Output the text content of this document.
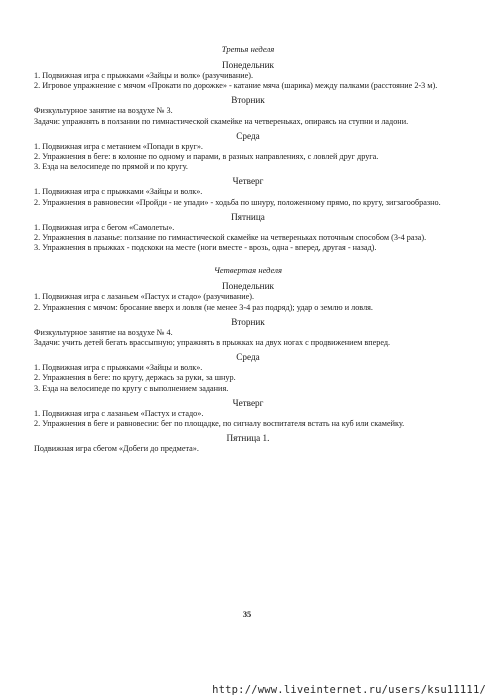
Третья неделя
Понедельник

1. Подвижная игра с прыжками «Зайцы и волк» (разучивание).

2. Игровое упражнение с мячом «Прокати по дорожке» - катание мяча (шарика) между палками (расстояние 2-3 м).

Вторник

Физкультурное занятие на воздухе № 3.

Задачи: упражнять в ползании по гимнастической скамейке на четвереньках, опираясь на ступни и ладони.

Среда

1. Подвижная игра с метанием «Попади в круг».

2. Упражнения в беге: в колонне по одному и парами, в разных направлениях, с ловлей друг друга.

3. Езда на велосипеде по прямой и по кругу.

Четверг

1. Подвижная игра с прыжками «Зайцы и волк».

2. Упражнения в равновесии «Пройди - не упади» - ходьба по шнуру, положенному прямо, по кругу, зигзагообразно.

Пятница

1. Подвижная игра с бегом «Самолеты».

2. Упражнения в лазанье: ползание по гимнастической скамейке на четвереньках поточным способом (3-4 раза).

3. Упражнения в прыжках - подскоки на месте (ноги вместе - врозь, одна - вперед, другая - назад).

Четвертая неделя
Понедельник

1. Подвижная игра с лазаньем «Пастух и стадо» (разучивание).

2. Упражнения с мячом: бросание вверх и ловля (не менее 3-4 раз подряд); удар о землю и ловля.

Вторник

Физкультурное занятие на воздухе № 4.

Задачи: учить детей бегать врассыпную; упражнять в прыжках на двух ногах с продвижением вперед.

Среда

1. Подвижная игра с прыжками «Зайцы и волк».

2. Упражнения в беге: по кругу, держась за руки, за шнур.

3. Езда на велосипеде по кругу с выполнением задания.

Четверг

1. Подвижная игра с лазаньем «Пастух и стадо».

2. Упражнения в беге и равновесии: бег по площадке, по сигналу воспитателя встать на куб или скамейку.

Пятница 1.

Подвижная игра сбегом «Добеги до предмета».

35
http://www.liveinternet.ru/users/ksu11111/
